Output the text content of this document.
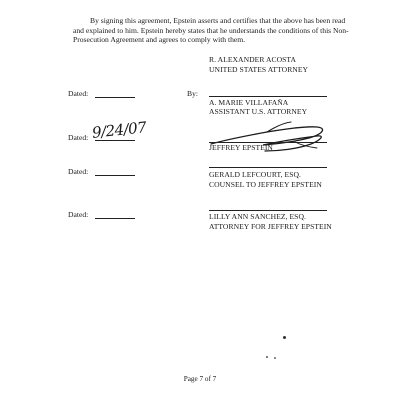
By signing this agreement, Epstein asserts and certifies that the above has been read
and explained to him. Epstein hereby states that he understands the conditions of this Non-
Prosecution Agreement and agrees to comply with them.
R. ALEXANDER ACOSTA
UNITED STATES ATTORNEY
Dated:	By:
A. MARIE VILLAFAÑA
ASSISTANT U.S. ATTORNEY
Dated: 9/24/07
JEFFREY EPSTEIN
Dated:	GERALD LEFCOURT, ESQ.
COUNSEL TO JEFFREY EPSTEIN
Dated:	LILLY ANN SANCHEZ, ESQ.
ATTORNEY FOR JEFFREY EPSTEIN
Page 7 of 7
